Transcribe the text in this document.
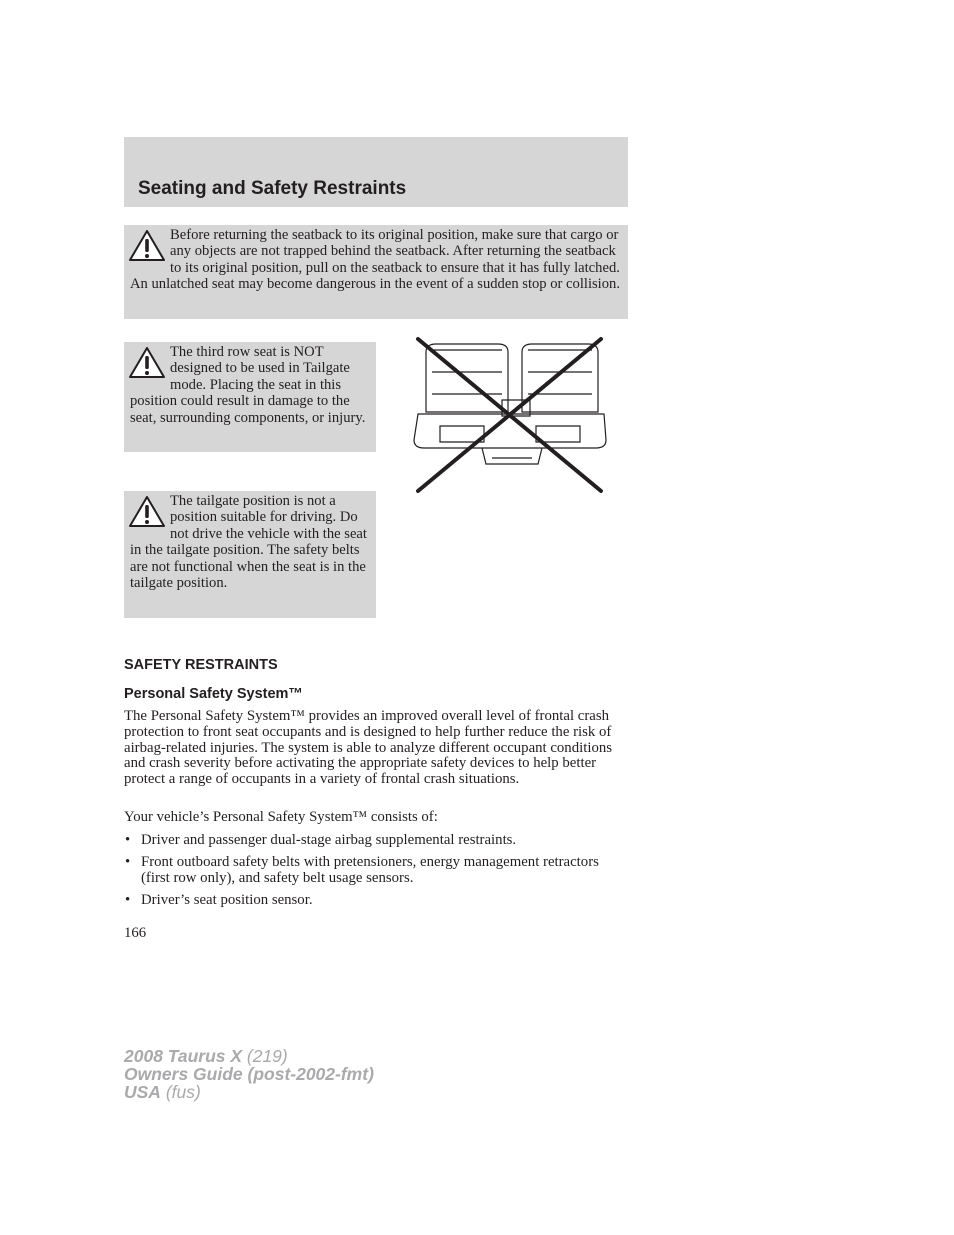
Seating and Safety Restraints

Before returning the seatback to its original position, make sure that cargo or any objects are not trapped behind the seatback. After returning the seatback to its original position, pull on the seatback to ensure that it has fully latched. An unlatched seat may become dangerous in the event of a sudden stop or collision.

The third row seat is NOT designed to be used in Tailgate mode. Placing the seat in this position could result in damage to the seat, surrounding components, or injury.

The tailgate position is not a position suitable for driving. Do not drive the vehicle with the seat in the tailgate position. The safety belts are not functional when the seat is in the tailgate position.

SAFETY RESTRAINTS
Personal Safety System™

The Personal Safety System™ provides an improved overall level of frontal crash protection to front seat occupants and is designed to help further reduce the risk of airbag-related injuries. The system is able to analyze different occupant conditions and crash severity before activating the appropriate safety devices to help better protect a range of occupants in a variety of frontal crash situations.

Your vehicle’s Personal Safety System™ consists of:

• Driver and passenger dual-stage airbag supplemental restraints.
• Front outboard safety belts with pretensioners, energy management retractors (first row only), and safety belt usage sensors.
• Driver’s seat position sensor.
166
2008 Taurus X (219)
Owners Guide (post-2002-fmt)
USA (fus)
